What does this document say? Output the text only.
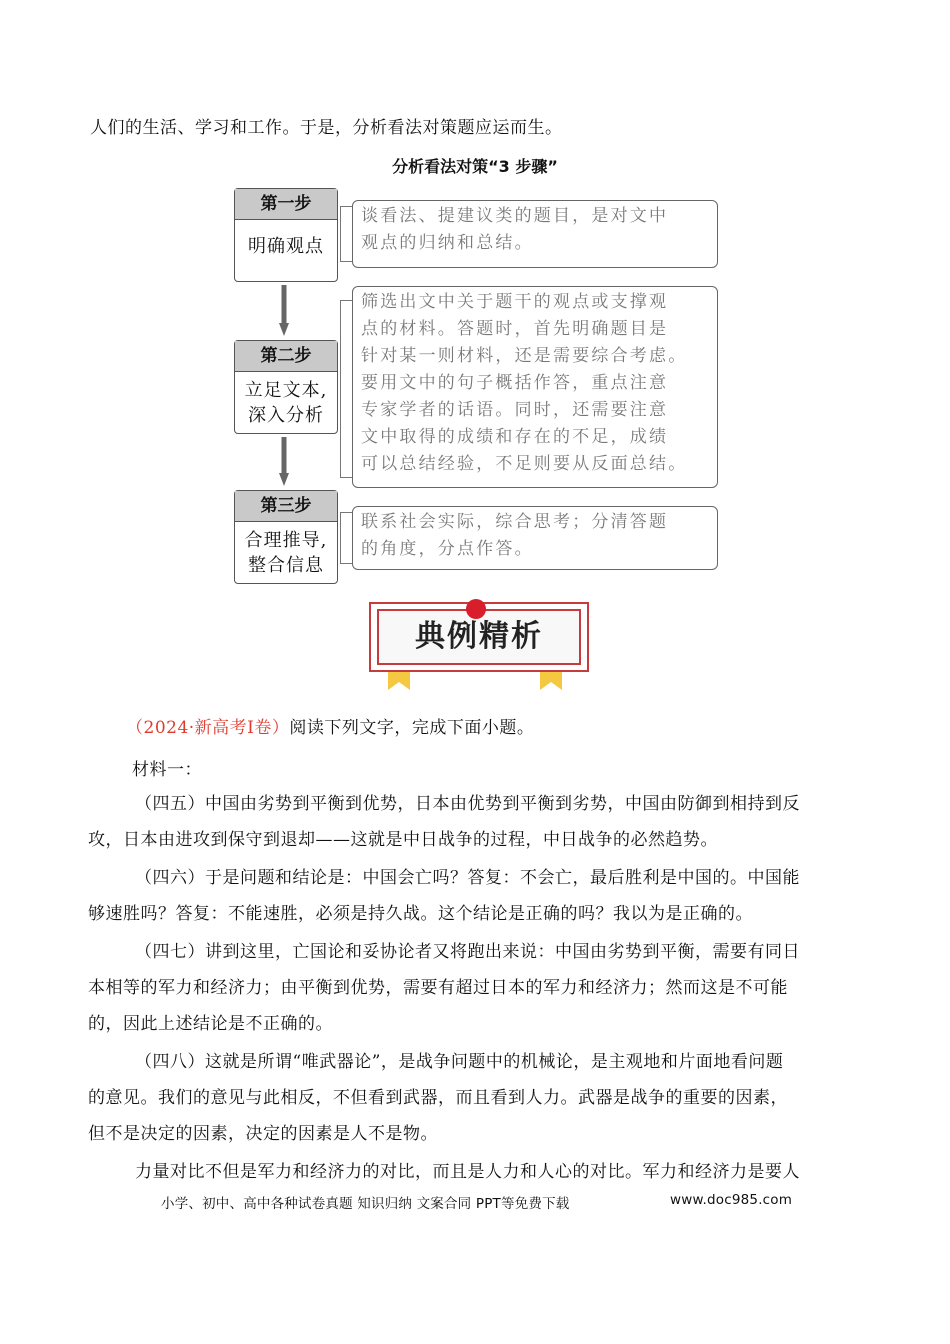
人们的生活、学习和工作。于是，分析看法对策题应运而生。
分析看法对策“3 步骤”
第一步
明确观点
谈看法、提建议类的题目，是对文中
观点的归纳和总结。
第二步
立足文本,
深入分析
筛选出文中关于题干的观点或支撑观
点的材料。答题时，首先明确题目是
针对某一则材料，还是需要综合考虑。
要用文中的句子概括作答，重点注意
专家学者的话语。同时，还需要注意
文中取得的成绩和存在的不足，成绩
可以总结经验，不足则要从反面总结。
第三步
合理推导,
整合信息
联系社会实际，综合思考；分清答题
的角度，分点作答。
典例精析
（2024·新高考Ⅰ卷）阅读下列文字，完成下面小题。
材料一：
（四五）中国由劣势到平衡到优势，日本由优势到平衡到劣势，中国由防御到相持到反
攻，日本由进攻到保守到退却——这就是中日战争的过程，中日战争的必然趋势。
（四六）于是问题和结论是：中国会亡吗？答复：不会亡，最后胜利是中国的。中国能
够速胜吗？答复：不能速胜，必须是持久战。这个结论是正确的吗？我以为是正确的。
（四七）讲到这里，亡国论和妥协论者又将跑出来说：中国由劣势到平衡，需要有同日
本相等的军力和经济力；由平衡到优势，需要有超过日本的军力和经济力；然而这是不可能
的，因此上述结论是不正确的。
（四八）这就是所谓“唯武器论”，是战争问题中的机械论，是主观地和片面地看问题
的意见。我们的意见与此相反，不但看到武器，而且看到人力。武器是战争的重要的因素，
但不是决定的因素，决定的因素是人不是物。
力量对比不但是军力和经济力的对比，而且是人力和人心的对比。军力和经济力是要人
小学、初中、高中各种试卷真题 知识归纳 文案合同 PPT等免费下载	www.doc985.com
